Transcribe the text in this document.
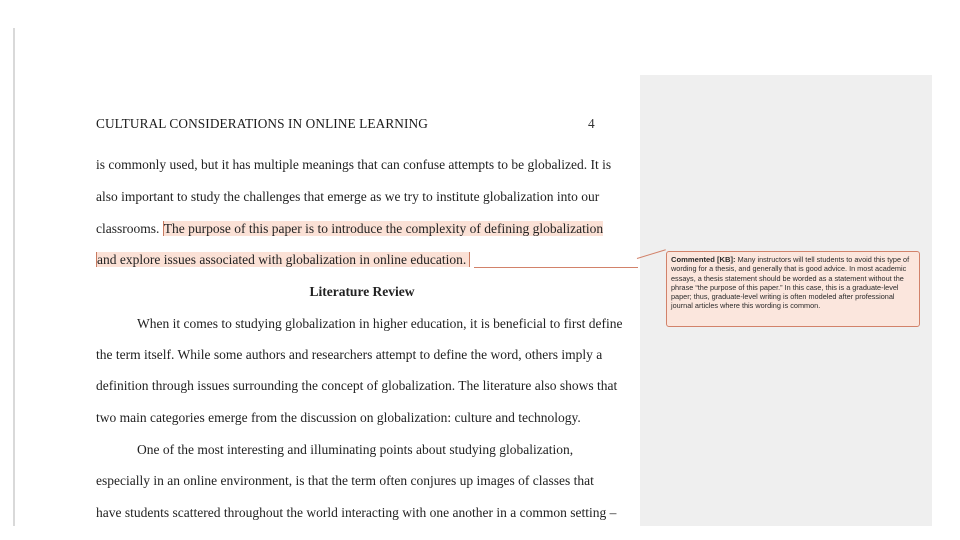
CULTURAL CONSIDERATIONS IN ONLINE LEARNING	4
is commonly used, but it has multiple meanings that can confuse attempts to be globalized. It is
also important to study the challenges that emerge as we try to institute globalization into our
classrooms. The purpose of this paper is to introduce the complexity of defining globalization
and explore issues associated with globalization in online education.
Literature Review
When it comes to studying globalization in higher education, it is beneficial to first define
the term itself. While some authors and researchers attempt to define the word, others imply a
definition through issues surrounding the concept of globalization. The literature also shows that
two main categories emerge from the discussion on globalization: culture and technology.
One of the most interesting and illuminating points about studying globalization,
especially in an online environment, is that the term often conjures up images of classes that
have students scattered throughout the world interacting with one another in a common setting –
Commented [KB]: Many instructors will tell students to avoid this type of wording for a thesis, and generally that is good advice. In most academic essays, a thesis statement should be worded as a statement without the phrase “the purpose of this paper.” In this case, this is a graduate-level paper; thus, graduate-level writing is often modeled after professional journal articles where this wording is common.
